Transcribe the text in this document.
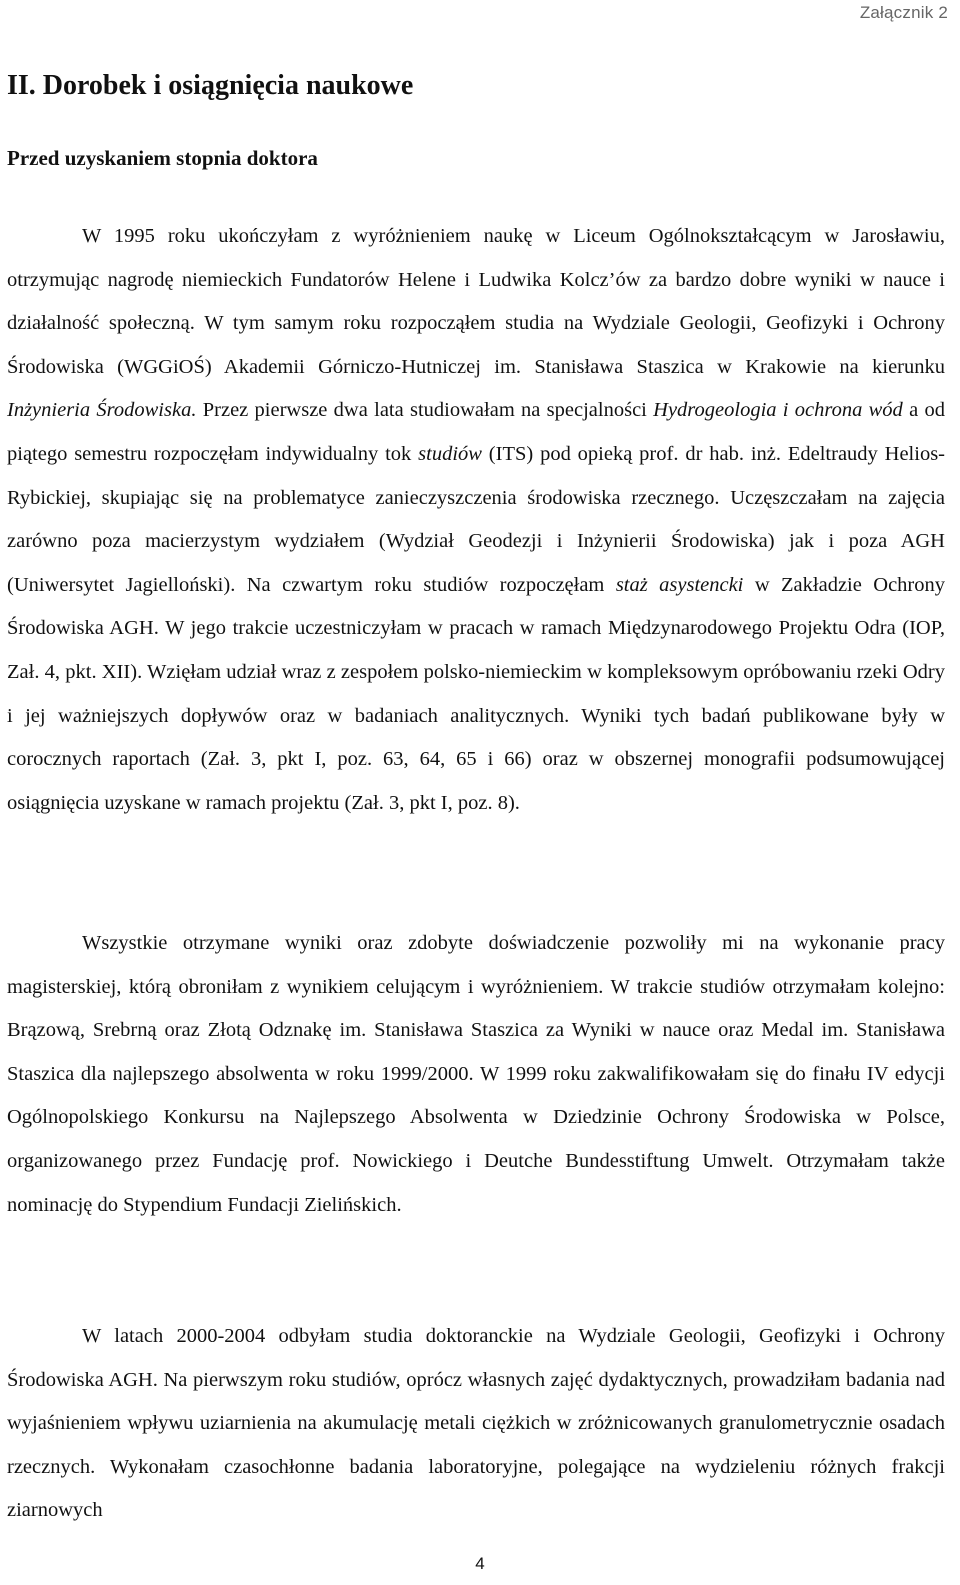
Załącznik 2
II. Dorobek i osiągnięcia naukowe
Przed uzyskaniem stopnia doktora

W 1995 roku ukończyłam z wyróżnieniem naukę w Liceum Ogólnokształcącym w Jarosławiu, otrzymując nagrodę niemieckich Fundatorów Helene i Ludwika Kolcz’ów za bardzo dobre wyniki w nauce i działalność społeczną. W tym samym roku rozpocząłem studia na Wydziale Geologii, Geofizyki i Ochrony Środowiska (WGGiOŚ) Akademii Górniczo-Hutniczej im. Stanisława Staszica w Krakowie na kierunku Inżynieria Środowiska. Przez pierwsze dwa lata studiowałam na specjalności Hydrogeologia i ochrona wód a od piątego semestru rozpoczęłam indywidualny tok studiów (ITS) pod opieką prof. dr hab. inż. Edeltraudy Helios-Rybickiej, skupiając się na problematyce zanieczyszczenia środowiska rzecznego. Uczęszczałam na zajęcia zarówno poza macierzystym wydziałem (Wydział Geodezji i Inżynierii Środowiska) jak i poza AGH (Uniwersytet Jagielloński). Na czwartym roku studiów rozpoczęłam staż asystencki w Zakładzie Ochrony Środowiska AGH. W jego trakcie uczestniczyłam w pracach w ramach Międzynarodowego Projektu Odra (IOP, Zał. 4, pkt. XII). Wzięłam udział wraz z zespołem polsko-niemieckim w kompleksowym opróbowaniu rzeki Odry i jej ważniejszych dopływów oraz w badaniach analitycznych. Wyniki tych badań publikowane były w corocznych raportach (Zał. 3, pkt I, poz. 63, 64, 65 i 66) oraz w obszernej monografii podsumowującej osiągnięcia uzyskane w ramach projektu (Zał. 3, pkt I, poz. 8).

Wszystkie otrzymane wyniki oraz zdobyte doświadczenie pozwoliły mi na wykonanie pracy magisterskiej, którą obroniłam z wynikiem celującym i wyróżnieniem. W trakcie studiów otrzymałam kolejno: Brązową, Srebrną oraz Złotą Odznakę im. Stanisława Staszica za Wyniki w nauce oraz Medal im. Stanisława Staszica dla najlepszego absolwenta w roku 1999/2000. W 1999 roku zakwalifikowałam się do finału IV edycji Ogólnopolskiego Konkursu na Najlepszego Absolwenta w Dziedzinie Ochrony Środowiska w Polsce, organizowanego przez Fundację prof. Nowickiego i Deutche Bundesstiftung Umwelt. Otrzymałam także nominację do Stypendium Fundacji Zielińskich.

W latach 2000-2004 odbyłam studia doktoranckie na Wydziale Geologii, Geofizyki i Ochrony Środowiska AGH. Na pierwszym roku studiów, oprócz własnych zajęć dydaktycznych, prowadziłam badania nad wyjaśnieniem wpływu uziarnienia na akumulację metali ciężkich w zróżnicowanych granulometrycznie osadach rzecznych. Wykonałam czasochłonne badania laboratoryjne, polegające na wydzieleniu różnych frakcji ziarnowych

4
